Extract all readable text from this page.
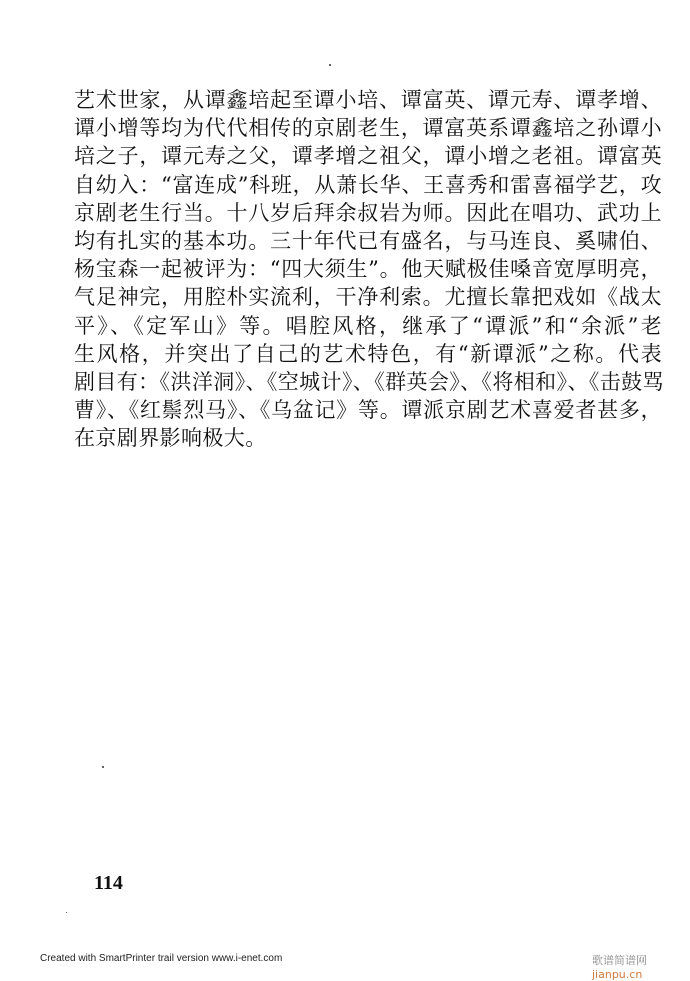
艺术世家，从谭鑫培起至谭小培、谭富英、谭元寿、谭孝增、
谭小增等均为代代相传的京剧老生，谭富英系谭鑫培之孙谭小
培之子，谭元寿之父，谭孝增之祖父，谭小增之老祖。谭富英
自幼入：“富连成”科班，从萧长华、王喜秀和雷喜福学艺，攻
京剧老生行当。十八岁后拜余叔岩为师。因此在唱功、武功上
均有扎实的基本功。三十年代已有盛名，与马连良、奚啸伯、
杨宝森一起被评为：“四大须生”。他天赋极佳嗓音宽厚明亮，
气足神完，用腔朴实流利，干净利索。尤擅长靠把戏如《战太
平》、《定军山》等。唱腔风格，继承了“谭派”和“余派”老
生风格，并突出了自己的艺术特色，有“新谭派”之称。代表
剧目有：《洪洋洞》、《空城计》、《群英会》、《将相和》、《击鼓骂
曹》、《红鬃烈马》、《乌盆记》等。谭派京剧艺术喜爱者甚多，
在京剧界影响极大。
114
Created with SmartPrinter trail version www.i-enet.com	歌谱简谱网 jianpu.cn
